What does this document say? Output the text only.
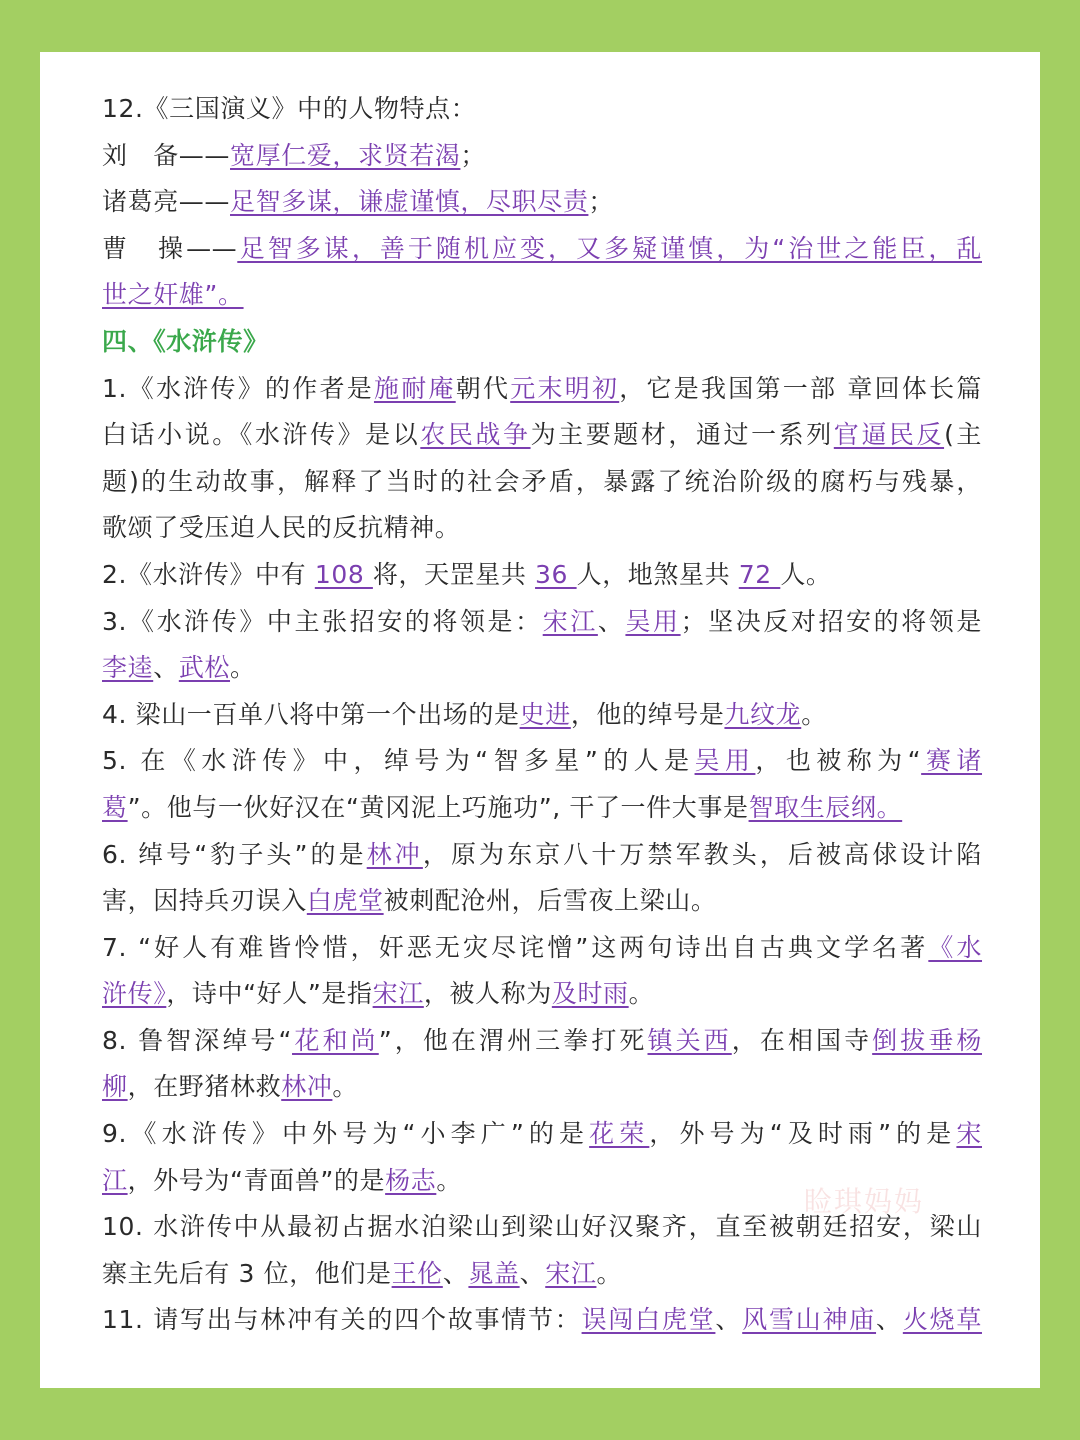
12.《三国演义》中的人物特点：
刘　备——宽厚仁爱，求贤若渴；
诸葛亮——足智多谋，谦虚谨慎，尽职尽责；
曹　操——足智多谋，善于随机应变，又多疑谨慎，为“治世之能臣，乱
世之奸雄”。
四、《水浒传》
1.《水浒传》的作者是施耐庵朝代元末明初，它是我国第一部 章回体长篇
白话小说。《水浒传》是以农民战争为主要题材，通过一系列官逼民反(主
题)的生动故事，解释了当时的社会矛盾，暴露了统治阶级的腐朽与残暴，
歌颂了受压迫人民的反抗精神。
2.《水浒传》中有 108 将，天罡星共 36 人，地煞星共 72 人。
3.《水浒传》中主张招安的将领是：宋江、吴用；坚决反对招安的将领是
李逵、武松。
4. 梁山一百单八将中第一个出场的是史进，他的绰号是九纹龙。
5. 在《水浒传》中，绰号为“智多星”的人是吴用，也被称为“赛诸
葛”。他与一伙好汉在“黄冈泥上巧施功”, 干了一件大事是智取生辰纲。
6. 绰号“豹子头”的是林冲，原为东京八十万禁军教头，后被高俅设计陷
害，因持兵刃误入白虎堂被刺配沧州，后雪夜上梁山。
7. “好人有难皆怜惜，奸恶无灾尽诧憎”这两句诗出自古典文学名著《水
浒传》，诗中“好人”是指宋江，被人称为及时雨。
8. 鲁智深绰号“花和尚”，他在渭州三拳打死镇关西，在相国寺倒拔垂杨
柳，在野猪林救林冲。
9.《水浒传》中外号为“小李广”的是花荣，外号为“及时雨”的是宋
江，外号为“青面兽”的是杨志。
10. 水浒传中从最初占据水泊梁山到梁山好汉聚齐，直至被朝廷招安，梁山
寨主先后有 3 位，他们是王伦、晁盖、宋江。
11. 请写出与林冲有关的四个故事情节：误闯白虎堂、风雪山神庙、火烧草
睑琪妈妈
